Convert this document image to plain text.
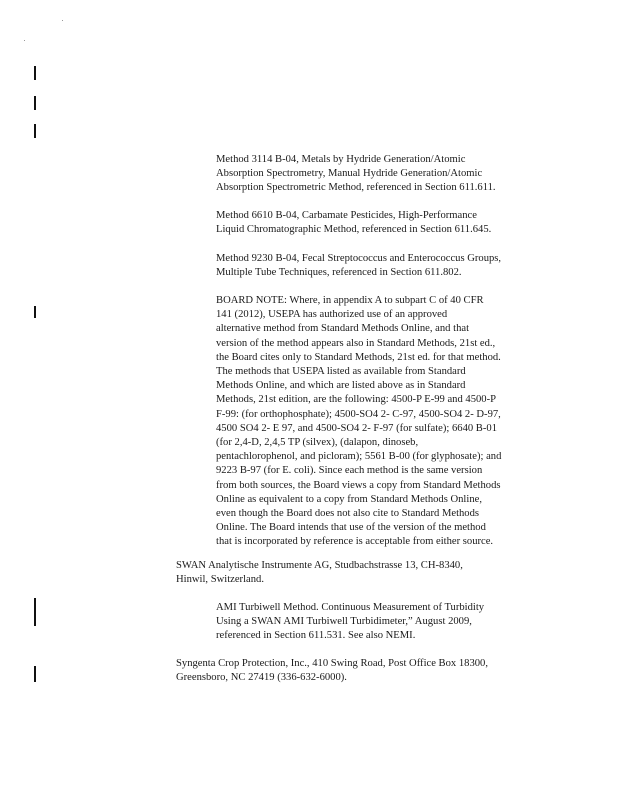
Method 3114 B-04, Metals by Hydride Generation/Atomic
Absorption Spectrometry, Manual Hydride Generation/Atomic
Absorption Spectrometric Method, referenced in Section 611.611.
Method 6610 B-04, Carbamate Pesticides, High-Performance
Liquid Chromatographic Method, referenced in Section 611.645.
Method 9230 B-04, Fecal Streptococcus and Enterococcus Groups,
Multiple Tube Techniques, referenced in Section 611.802.
BOARD NOTE: Where, in appendix A to subpart C of 40 CFR
141 (2012), USEPA has authorized use of an approved
alternative method from Standard Methods Online, and that
version of the method appears also in Standard Methods, 21st ed.,
the Board cites only to Standard Methods, 21st ed. for that method.
The methods that USEPA listed as available from Standard
Methods Online, and which are listed above as in Standard
Methods, 21st edition, are the following: 4500-P E-99 and 4500-P
F-99: (for orthophosphate); 4500-SO4 2- C-97, 4500-SO4 2- D-97,
4500 SO4 2- E 97, and 4500-SO4 2- F-97 (for sulfate); 6640 B-01
(for 2,4-D, 2,4,5 TP (silvex), (dalapon, dinoseb,
pentachlorophenol, and picloram); 5561 B-00 (for glyphosate); and
9223 B-97 (for E. coli). Since each method is the same version
from both sources, the Board views a copy from Standard Methods
Online as equivalent to a copy from Standard Methods Online,
even though the Board does not also cite to Standard Methods
Online. The Board intends that use of the version of the method
that is incorporated by reference is acceptable from either source.
SWAN Analytische Instrumente AG, Studbachstrasse 13, CH-8340,
Hinwil, Switzerland.
AMI Turbiwell Method. Continuous Measurement of Turbidity
Using a SWAN AMI Turbiwell Turbidimeter,” August 2009,
referenced in Section 611.531. See also NEMI.
Syngenta Crop Protection, Inc., 410 Swing Road, Post Office Box 18300,
Greensboro, NC 27419 (336-632-6000).
